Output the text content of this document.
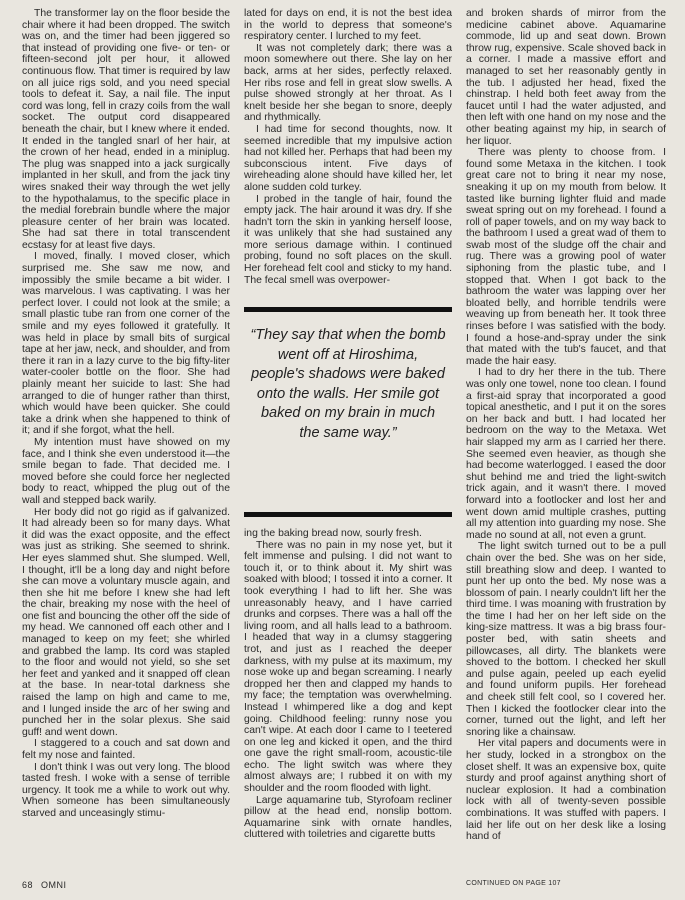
The transformer lay on the floor beside the chair where it had been dropped. The switch was on, and the timer had been jiggered so that instead of providing one five- or ten- or fifteen-second jolt per hour, it allowed continuous flow. That timer is required by law on all juice rigs sold, and you need special tools to defeat it. Say, a nail file. The input cord was long, fell in crazy coils from the wall socket. The output cord disappeared beneath the chair, but I knew where it ended. It ended in the tangled snarl of her hair, at the crown of her head, ended in a miniplug. The plug was snapped into a jack surgically implanted in her skull, and from the jack tiny wires snaked their way through the wet jelly to the hypothalamus, to the specific place in the medial forebrain bundle where the major pleasure center of her brain was located. She had sat there in total transcendent ecstasy for at least five days.

I moved, finally. I moved closer, which surprised me. She saw me now, and impossibly the smile became a bit wider. I was marvelous. I was captivating. I was her perfect lover. I could not look at the smile; a small plastic tube ran from one corner of the smile and my eyes followed it gratefully. It was held in place by small bits of surgical tape at her jaw, neck, and shoulder, and from there it ran in a lazy curve to the big fifty-liter water-cooler bottle on the floor. She had plainly meant her suicide to last: She had arranged to die of hunger rather than thirst, which would have been quicker. She could take a drink when she happened to think of it; and if she forgot, what the hell.

My intention must have showed on my face, and I think she even understood it—the smile began to fade. That decided me. I moved before she could force her neglected body to react, whipped the plug out of the wall and stepped back warily.

Her body did not go rigid as if galvanized. It had already been so for many days. What it did was the exact opposite, and the effect was just as striking. She seemed to shrink. Her eyes slammed shut. She slumped. Well, I thought, it'll be a long day and night before she can move a voluntary muscle again, and then she hit me before I knew she had left the chair, breaking my nose with the heel of one fist and bouncing the other off the side of my head. We cannoned off each other and I managed to keep on my feet; she whirled and grabbed the lamp. Its cord was stapled to the floor and would not yield, so she set her feet and yanked and it snapped off clean at the base. In near-total darkness she raised the lamp on high and came to me, and I lunged inside the arc of her swing and punched her in the solar plexus. She said guff! and went down.

I staggered to a couch and sat down and felt my nose and fainted.

I don't think I was out very long. The blood tasted fresh. I woke with a sense of terrible urgency. It took me a while to work out why. When someone has been simultaneously starved and unceasingly stimu-

lated for days on end, it is not the best idea in the world to depress that someone's respiratory center. I lurched to my feet.

It was not completely dark; there was a moon somewhere out there. She lay on her back, arms at her sides, perfectly relaxed. Her ribs rose and fell in great slow swells. A pulse showed strongly at her throat. As I knelt beside her she began to snore, deeply and rhythmically.

I had time for second thoughts, now. It seemed incredible that my impulsive action had not killed her. Perhaps that had been my subconscious intent. Five days of wireheading alone should have killed her, let alone sudden cold turkey.

I probed in the tangle of hair, found the empty jack. The hair around it was dry. If she hadn't torn the skin in yanking herself loose, it was unlikely that she had sustained any more serious damage within. I continued probing, found no soft places on the skull. Her forehead felt cool and sticky to my hand. The fecal smell was overpower-

“They say that when the bomb went off at Hiroshima, people's shadows were baked onto the walls. Her smile got baked on my brain in much the same way.”

ing the baking bread now, sourly fresh.

There was no pain in my nose yet, but it felt immense and pulsing. I did not want to touch it, or to think about it. My shirt was soaked with blood; I tossed it into a corner. It took everything I had to lift her. She was unreasonably heavy, and I have carried drunks and corpses. There was a hall off the living room, and all halls lead to a bathroom. I headed that way in a clumsy staggering trot, and just as I reached the deeper darkness, with my pulse at its maximum, my nose woke up and began screaming. I nearly dropped her then and clapped my hands to my face; the temptation was overwhelming. Instead I whimpered like a dog and kept going. Childhood feeling: runny nose you can't wipe. At each door I came to I teetered on one leg and kicked it open, and the third one gave the right small-room, acoustic-tile echo. The light switch was where they almost always are; I rubbed it on with my shoulder and the room flooded with light.

Large aquamarine tub, Styrofoam recliner pillow at the head end, nonslip bottom. Aquamarine sink with ornate handles, cluttered with toiletries and cigarette butts

and broken shards of mirror from the medicine cabinet above. Aquamarine commode, lid up and seat down. Brown throw rug, expensive. Scale shoved back in a corner. I made a massive effort and managed to set her reasonably gently in the tub. I adjusted her head, fixed the chinstrap. I held both feet away from the faucet until I had the water adjusted, and then left with one hand on my nose and the other beating against my hip, in search of her liquor.

There was plenty to choose from. I found some Metaxa in the kitchen. I took great care not to bring it near my nose, sneaking it up on my mouth from below. It tasted like burning lighter fluid and made sweat spring out on my forehead. I found a roll of paper towels, and on my way back to the bathroom I used a great wad of them to swab most of the sludge off the chair and rug. There was a growing pool of water siphoning from the plastic tube, and I stopped that. When I got back to the bathroom the water was lapping over her bloated belly, and horrible tendrils were weaving up from beneath her. It took three rinses before I was satisfied with the body. I found a hose-and-spray under the sink that mated with the tub's faucet, and that made the hair easy.

I had to dry her there in the tub. There was only one towel, none too clean. I found a first-aid spray that incorporated a good topical anesthetic, and I put it on the sores on her back and butt. I had located her bedroom on the way to the Metaxa. Wet hair slapped my arm as I carried her there. She seemed even heavier, as though she had become waterlogged. I eased the door shut behind me and tried the light-switch trick again, and it wasn't there. I moved forward into a footlocker and lost her and went down amid multiple crashes, putting all my attention into guarding my nose. She made no sound at all, not even a grunt.

The light switch turned out to be a pull chain over the bed. She was on her side, still breathing slow and deep. I wanted to punt her up onto the bed. My nose was a blossom of pain. I nearly couldn't lift her the third time. I was moaning with frustration by the time I had her on her left side on the king-size mattress. It was a big brass four-poster bed, with satin sheets and pillowcases, all dirty. The blankets were shoved to the bottom. I checked her skull and pulse again, peeled up each eyelid and found uniform pupils. Her forehead and cheek still felt cool, so I covered her. Then I kicked the footlocker clear into the corner, turned out the light, and left her snoring like a chainsaw.

Her vital papers and documents were in her study, locked in a strongbox on the closet shelf. It was an expensive box, quite sturdy and proof against anything short of nuclear explosion. It had a combination lock with all of twenty-seven possible combinations. It was stuffed with papers. I laid her life out on her desk like a losing hand of

68 OMNI	CONTINUED ON PAGE 107
